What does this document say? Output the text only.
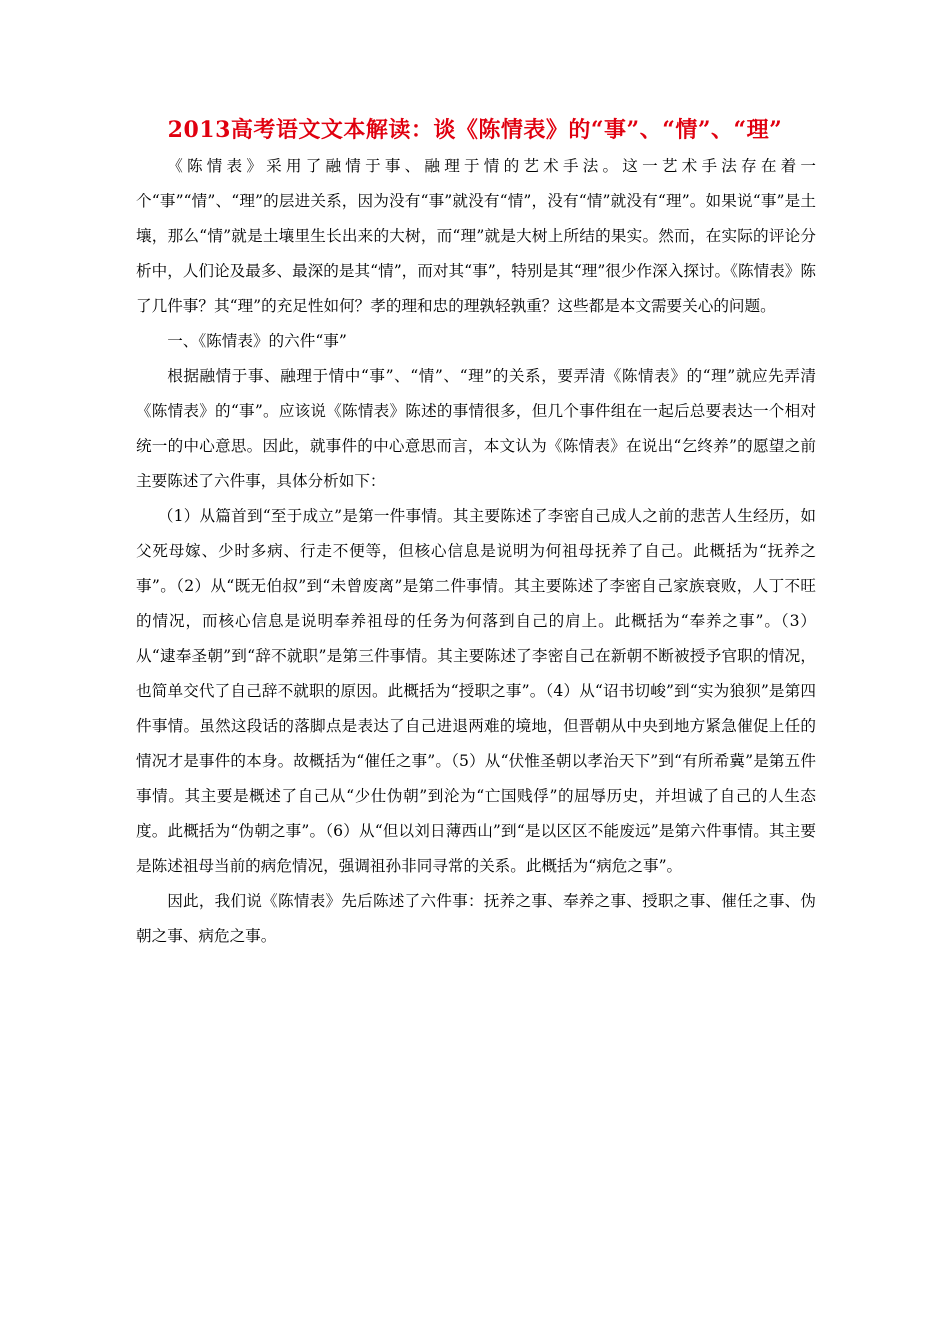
2013高考语文文本解读：谈《陈情表》的“事”、“情”、“理”

《陈情表》采用了融情于事、融理于情的艺术手法。这一艺术手法存在着一个“事”“情”、“理”的层进关系，因为没有“事”就没有“情”，没有“情”就没有“理”。如果说“事”是土壤，那么“情”就是土壤里生长出来的大树，而“理”就是大树上所结的果实。然而，在实际的评论分析中，人们论及最多、最深的是其“情”，而对其“事”，特别是其“理”很少作深入探讨。《陈情表》陈了几件事？其“理”的充足性如何？孝的理和忠的理孰轻孰重？这些都是本文需要关心的问题。

一、《陈情表》的六件“事”

根据融情于事、融理于情中“事”、“情”、“理”的关系，要弄清《陈情表》的“理”就应先弄清《陈情表》的“事”。应该说《陈情表》陈述的事情很多，但几个事件组在一起后总要表达一个相对统一的中心意思。因此，就事件的中心意思而言，本文认为《陈情表》在说出“乞终养”的愿望之前主要陈述了六件事，具体分析如下：

（1）从篇首到“至于成立”是第一件事情。其主要陈述了李密自己成人之前的悲苦人生经历，如父死母嫁、少时多病、行走不便等，但核心信息是说明为何祖母抚养了自己。此概括为“抚养之事”。（2）从“既无伯叔”到“未曾废离”是第二件事情。其主要陈述了李密自己家族衰败，人丁不旺的情况，而核心信息是说明奉养祖母的任务为何落到自己的肩上。此概括为“奉养之事”。（3）从“逮奉圣朝”到“辞不就职”是第三件事情。其主要陈述了李密自己在新朝不断被授予官职的情况，也简单交代了自己辞不就职的原因。此概括为“授职之事”。（4）从“诏书切峻”到“实为狼狈”是第四件事情。虽然这段话的落脚点是表达了自己进退两难的境地，但晋朝从中央到地方紧急催促上任的情况才是事件的本身。故概括为“催任之事”。（5）从“伏惟圣朝以孝治天下”到“有所希冀”是第五件事情。其主要是概述了自己从“少仕伪朝”到沦为“亡国贱俘”的屈辱历史，并坦诚了自己的人生态度。此概括为“伪朝之事”。（6）从“但以刘日薄西山”到“是以区区不能废远”是第六件事情。其主要是陈述祖母当前的病危情况，强调祖孙非同寻常的关系。此概括为“病危之事”。

因此，我们说《陈情表》先后陈述了六件事：抚养之事、奉养之事、授职之事、催任之事、伪朝之事、病危之事。
